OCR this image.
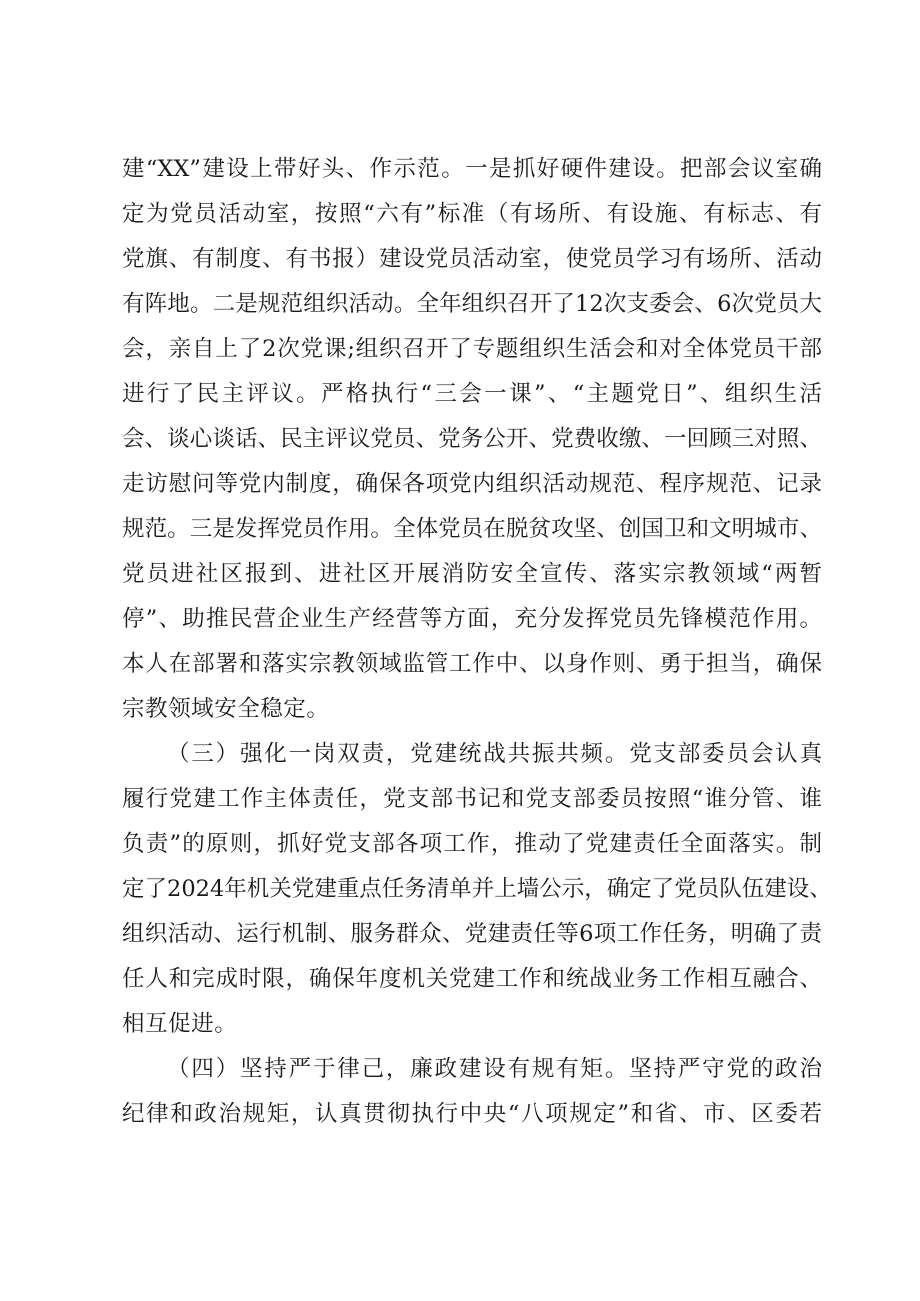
建“XX”建设上带好头、作示范。一是抓好硬件建设。把部会议室确
定为党员活动室，按照“六有”标准（有场所、有设施、有标志、有
党旗、有制度、有书报）建设党员活动室，使党员学习有场所、活动
有阵地。二是规范组织活动。全年组织召开了12次支委会、6次党员大
会，亲自上了2次党课;组织召开了专题组织生活会和对全体党员干部
进行了民主评议。严格执行“三会一课”、“主题党日”、组织生活
会、谈心谈话、民主评议党员、党务公开、党费收缴、一回顾三对照、
走访慰问等党内制度，确保各项党内组织活动规范、程序规范、记录
规范。三是发挥党员作用。全体党员在脱贫攻坚、创国卫和文明城市、
党员进社区报到、进社区开展消防安全宣传、落实宗教领域“两暂
停”、助推民营企业生产经营等方面，充分发挥党员先锋模范作用。
本人在部署和落实宗教领域监管工作中、以身作则、勇于担当，确保
宗教领域安全稳定。
（三）强化一岗双责，党建统战共振共频。党支部委员会认真
履行党建工作主体责任，党支部书记和党支部委员按照“谁分管、谁
负责”的原则，抓好党支部各项工作，推动了党建责任全面落实。制
定了2024年机关党建重点任务清单并上墙公示，确定了党员队伍建设、
组织活动、运行机制、服务群众、党建责任等6项工作任务，明确了责
任人和完成时限，确保年度机关党建工作和统战业务工作相互融合、
相互促进。
（四）坚持严于律己，廉政建设有规有矩。坚持严守党的政治
纪律和政治规矩，认真贯彻执行中央“八项规定”和省、市、区委若
